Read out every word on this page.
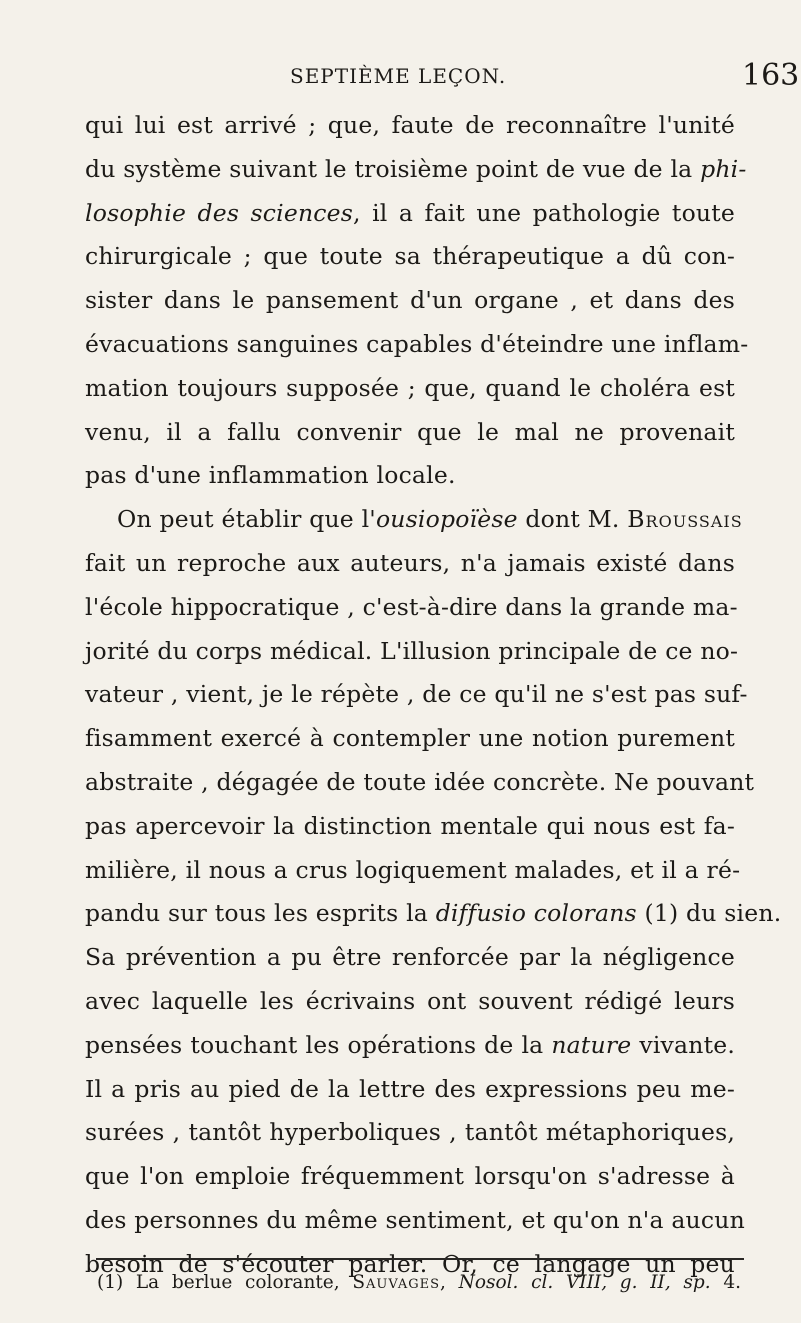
SEPTIÈME LEÇON.	163
qui lui est arrivé ; que, faute de reconnaître l'unité
du système suivant le troisième point de vue de la phi-
losophie des sciences, il a fait une pathologie toute
chirurgicale ; que toute sa thérapeutique a dû con-
sister dans le pansement d'un organe , et dans des
évacuations sanguines capables d'éteindre une inflam-
mation toujours supposée ; que, quand le choléra est
venu, il a fallu convenir que le mal ne provenait
pas d'une inflammation locale.
On peut établir que l'ousiopoïèse dont M. Broussais
fait un reproche aux auteurs, n'a jamais existé dans
l'école hippocratique , c'est-à-dire dans la grande ma-
jorité du corps médical. L'illusion principale de ce no-
vateur , vient, je le répète , de ce qu'il ne s'est pas suf-
fisamment exercé à contempler une notion purement
abstraite , dégagée de toute idée concrète. Ne pouvant
pas apercevoir la distinction mentale qui nous est fa-
milière, il nous a crus logiquement malades, et il a ré-
pandu sur tous les esprits la diffusio colorans (1) du sien.
Sa prévention a pu être renforcée par la négligence
avec laquelle les écrivains ont souvent rédigé leurs
pensées touchant les opérations de la nature vivante.
Il a pris au pied de la lettre des expressions peu me-
surées , tantôt hyperboliques , tantôt métaphoriques,
que l'on emploie fréquemment lorsqu'on s'adresse à
des personnes du même sentiment, et qu'on n'a aucun
besoin de s'écouter parler. Or, ce langage un peu
(1) La berlue colorante, Sauvages, Nosol. cl. VIII, g. II, sp. 4.
